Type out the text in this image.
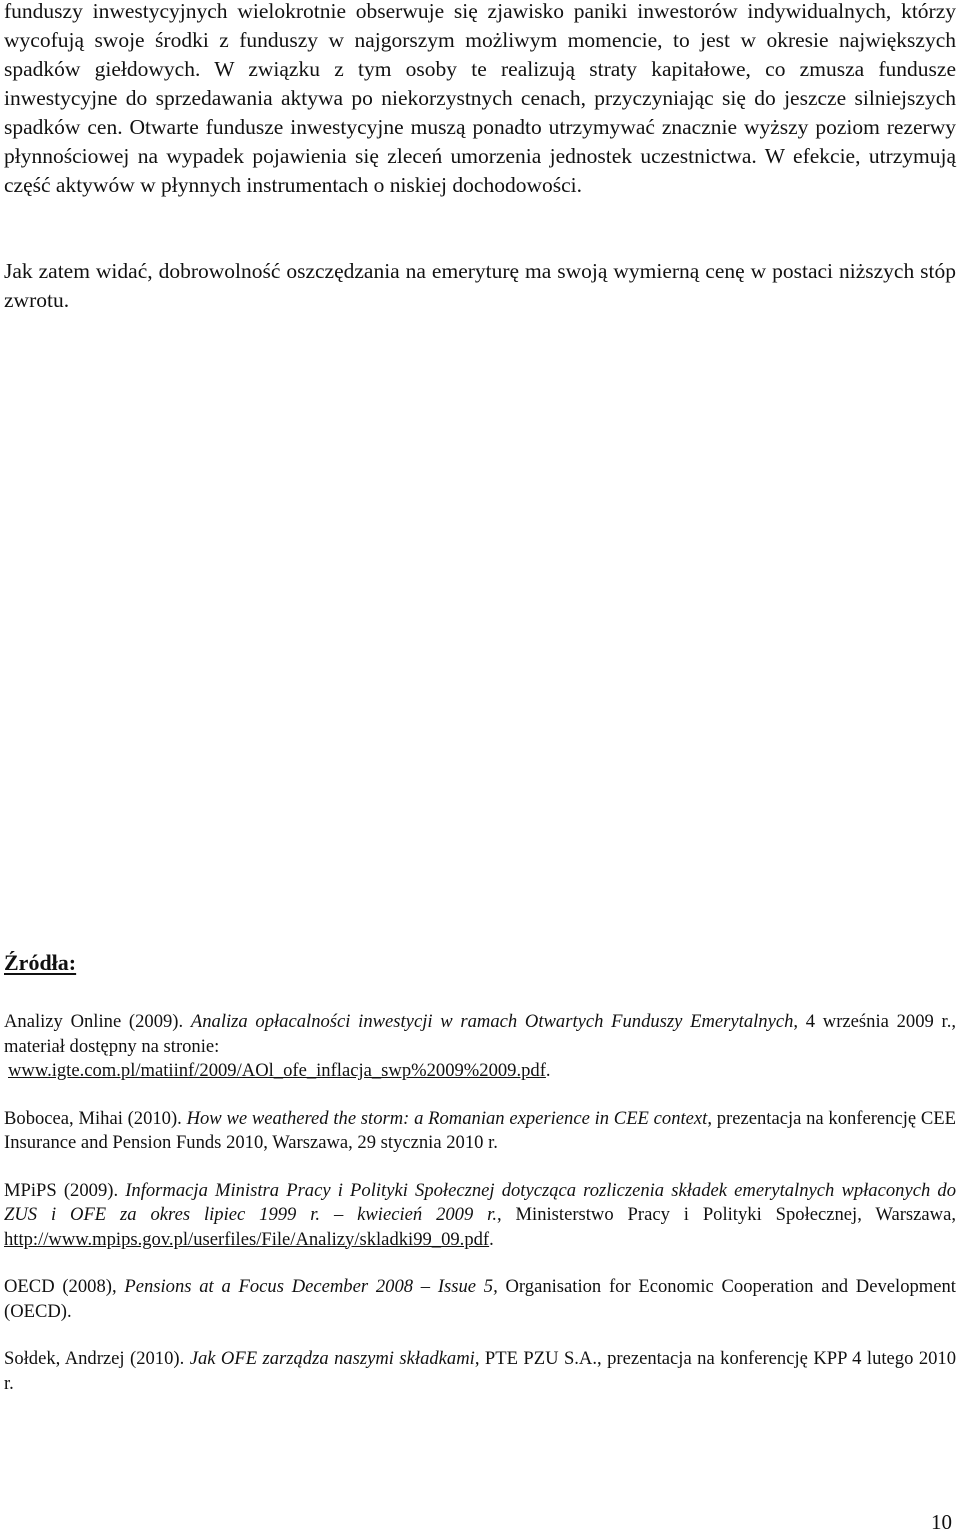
funduszy inwestycyjnych wielokrotnie obserwuje się zjawisko paniki inwestorów indywidualnych, którzy wycofują swoje środki z funduszy w najgorszym możliwym momencie, to jest w okresie największych spadków giełdowych. W związku z tym osoby te realizują straty kapitałowe, co zmusza fundusze inwestycyjne do sprzedawania aktywa po niekorzystnych cenach, przyczyniając się do jeszcze silniejszych spadków cen. Otwarte fundusze inwestycyjne muszą ponadto utrzymywać znacznie wyższy poziom rezerwy płynnościowej na wypadek pojawienia się zleceń umorzenia jednostek uczestnictwa. W efekcie, utrzymują część aktywów w płynnych instrumentach o niskiej dochodowości.

Jak zatem widać, dobrowolność oszczędzania na emeryturę ma swoją wymierną cenę w postaci niższych stóp zwrotu.

Źródła:

Analizy Online (2009). Analiza opłacalności inwestycji w ramach Otwartych Funduszy Emerytalnych, 4 września 2009 r., materiał dostępny na stronie:
www.igte.com.pl/matiinf/2009/AOl_ofe_inflacja_swp%2009%2009.pdf.

Bobocea, Mihai (2010). How we weathered the storm: a Romanian experience in CEE context, prezentacja na konferencję CEE Insurance and Pension Funds 2010, Warszawa, 29 stycznia 2010 r.

MPiPS (2009). Informacja Ministra Pracy i Polityki Społecznej dotycząca rozliczenia składek emerytalnych wpłaconych do ZUS i OFE za okres lipiec 1999 r. – kwiecień 2009 r., Ministerstwo Pracy i Polityki Społecznej, Warszawa, http://www.mpips.gov.pl/userfiles/File/Analizy/skladki99_09.pdf.

OECD (2008), Pensions at a Focus December 2008 – Issue 5, Organisation for Economic Cooperation and Development (OECD).

Sołdek, Andrzej (2010). Jak OFE zarządza naszymi składkami, PTE PZU S.A., prezentacja na konferencję KPP 4 lutego 2010 r.

10
